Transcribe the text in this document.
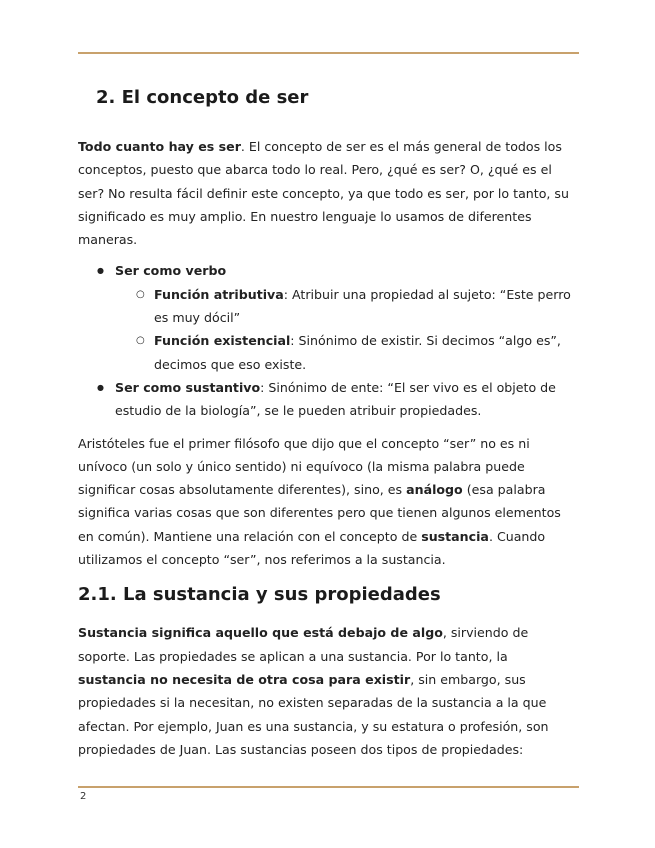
2. El concepto de ser

Todo cuanto hay es ser. El concepto de ser es el más general de todos los conceptos, puesto que abarca todo lo real. Pero, ¿qué es ser? O, ¿qué es el ser? No resulta fácil definir este concepto, ya que todo es ser, por lo tanto, su significado es muy amplio. En nuestro lenguaje lo usamos de diferentes maneras.

● Ser como verbo
○ Función atributiva: Atribuir una propiedad al sujeto: “Este perro es muy dócil”
○ Función existencial: Sinónimo de existir. Si decimos “algo es”, decimos que eso existe.
● Ser como sustantivo: Sinónimo de ente: “El ser vivo es el objeto de estudio de la biología”, se le pueden atribuir propiedades.

Aristóteles fue el primer filósofo que dijo que el concepto “ser” no es ni unívoco (un solo y único sentido) ni equívoco (la misma palabra puede significar cosas absolutamente diferentes), sino, es análogo (esa palabra significa varias cosas que son diferentes pero que tienen algunos elementos en común). Mantiene una relación con el concepto de sustancia. Cuando utilizamos el concepto “ser”, nos referimos a la sustancia.

2.1. La sustancia y sus propiedades

Sustancia significa aquello que está debajo de algo, sirviendo de soporte. Las propiedades se aplican a una sustancia. Por lo tanto, la sustancia no necesita de otra cosa para existir, sin embargo, sus propiedades si la necesitan, no existen separadas de la sustancia a la que afectan. Por ejemplo, Juan es una sustancia, y su estatura o profesión, son propiedades de Juan. Las sustancias poseen dos tipos de propiedades:

2
